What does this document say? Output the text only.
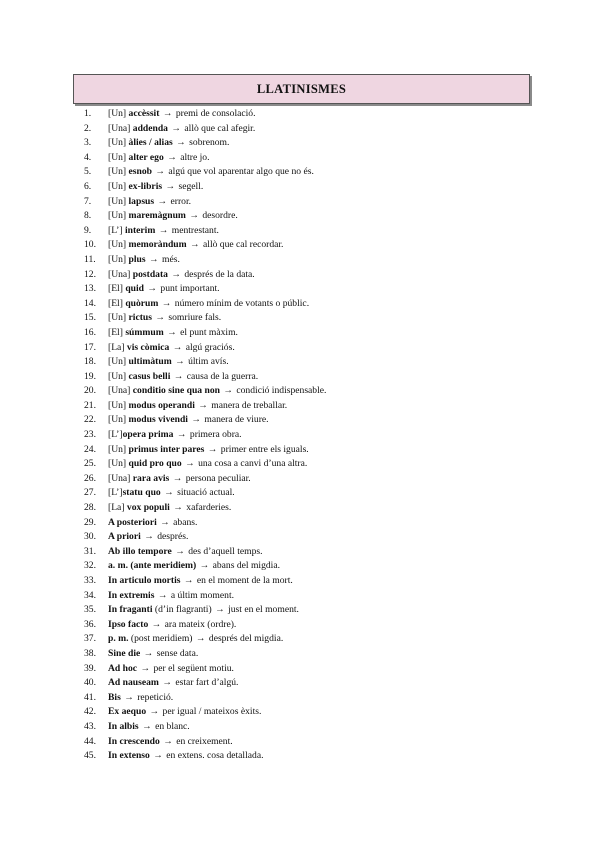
LLATINISMES
1.	[Un] accèssit → premi de consolació.
2.	[Una] addenda → allò que cal afegir.
3.	[Un] àlies / alias → sobrenom.
4.	[Un] alter ego → altre jo.
5.	[Un] esnob → algú que vol aparentar algo que no és.
6.	[Un] ex-libris → segell.
7.	[Un] lapsus → error.
8.	[Un] maremàgnum → desordre.
9.	[L’] interim → mentrestant.
10.	[Un] memoràndum → allò que cal recordar.
11.	[Un] plus → més.
12.	[Una] postdata → després de la data.
13.	[El] quid → punt important.
14.	[El] quòrum → número mínim de votants o públic.
15.	[Un] rictus → somriure fals.
16.	[El] súmmum → el punt màxim.
17.	[La] vis còmica → algú graciós.
18.	[Un] ultimàtum → últim avís.
19.	[Un] casus belli → causa de la guerra.
20.	[Una] conditio sine qua non → condició indispensable.
21.	[Un] modus operandi → manera de treballar.
22.	[Un] modus vivendi → manera de viure.
23.	[L’]opera prima → primera obra.
24.	[Un] primus inter pares → primer entre els iguals.
25.	[Un] quid pro quo → una cosa a canvi d’una altra.
26.	[Una] rara avis → persona peculiar.
27.	[L’]statu quo → situació actual.
28.	[La] vox populi → xafarderies.
29.	A posteriori → abans.
30.	A priori → després.
31.	Ab illo tempore → des d’aquell temps.
32.	a. m. (ante meridiem) → abans del migdia.
33.	In articulo mortis → en el moment de la mort.
34.	In extremis → a últim moment.
35.	In fraganti (d’in flagranti) → just en el moment.
36.	Ipso facto → ara mateix (ordre).
37.	p. m. (post meridiem) → després del migdia.
38.	Sine die → sense data.
39.	Ad hoc → per el següent motiu.
40.	Ad nauseam → estar fart d’algú.
41.	Bis → repetició.
42.	Ex aequo → per igual / mateixos èxits.
43.	In albis → en blanc.
44.	In crescendo → en creixement.
45.	In extenso → en extens. cosa detallada.
